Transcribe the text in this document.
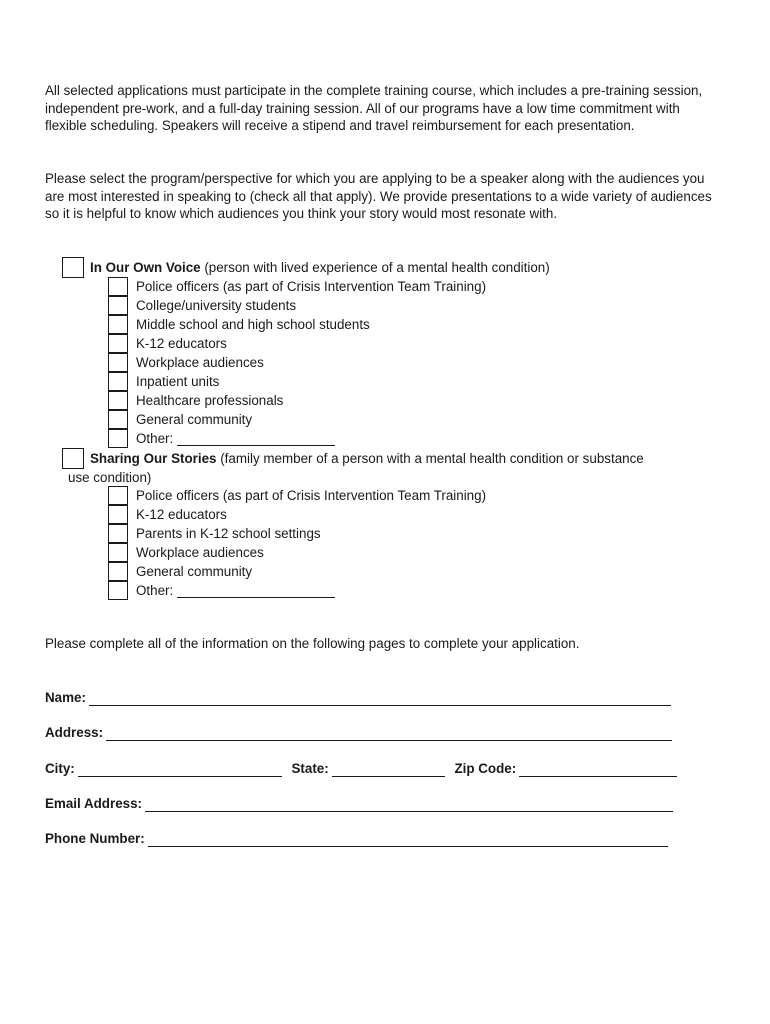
All selected applications must participate in the complete training course, which includes a pre-training session, independent pre-work, and a full-day training session. All of our programs have a low time commitment with flexible scheduling. Speakers will receive a stipend and travel reimbursement for each presentation.

Please select the program/perspective for which you are applying to be a speaker along with the audiences you are most interested in speaking to (check all that apply). We provide presentations to a wide variety of audiences so it is helpful to know which audiences you think your story would most resonate with.

In Our Own Voice (person with lived experience of a mental health condition)
Police officers (as part of Crisis Intervention Team Training)
College/university students
Middle school and high school students
K-12 educators
Workplace audiences
Inpatient units
Healthcare professionals
General community
Other:
Sharing Our Stories (family member of a person with a mental health condition or substance
use condition)
Police officers (as part of Crisis Intervention Team Training)
K-12 educators
Parents in K-12 school settings
Workplace audiences
General community
Other:

Please complete all of the information on the following pages to complete your application.

Name:
Address:
City:	State:	Zip Code:
Email Address:
Phone Number:
